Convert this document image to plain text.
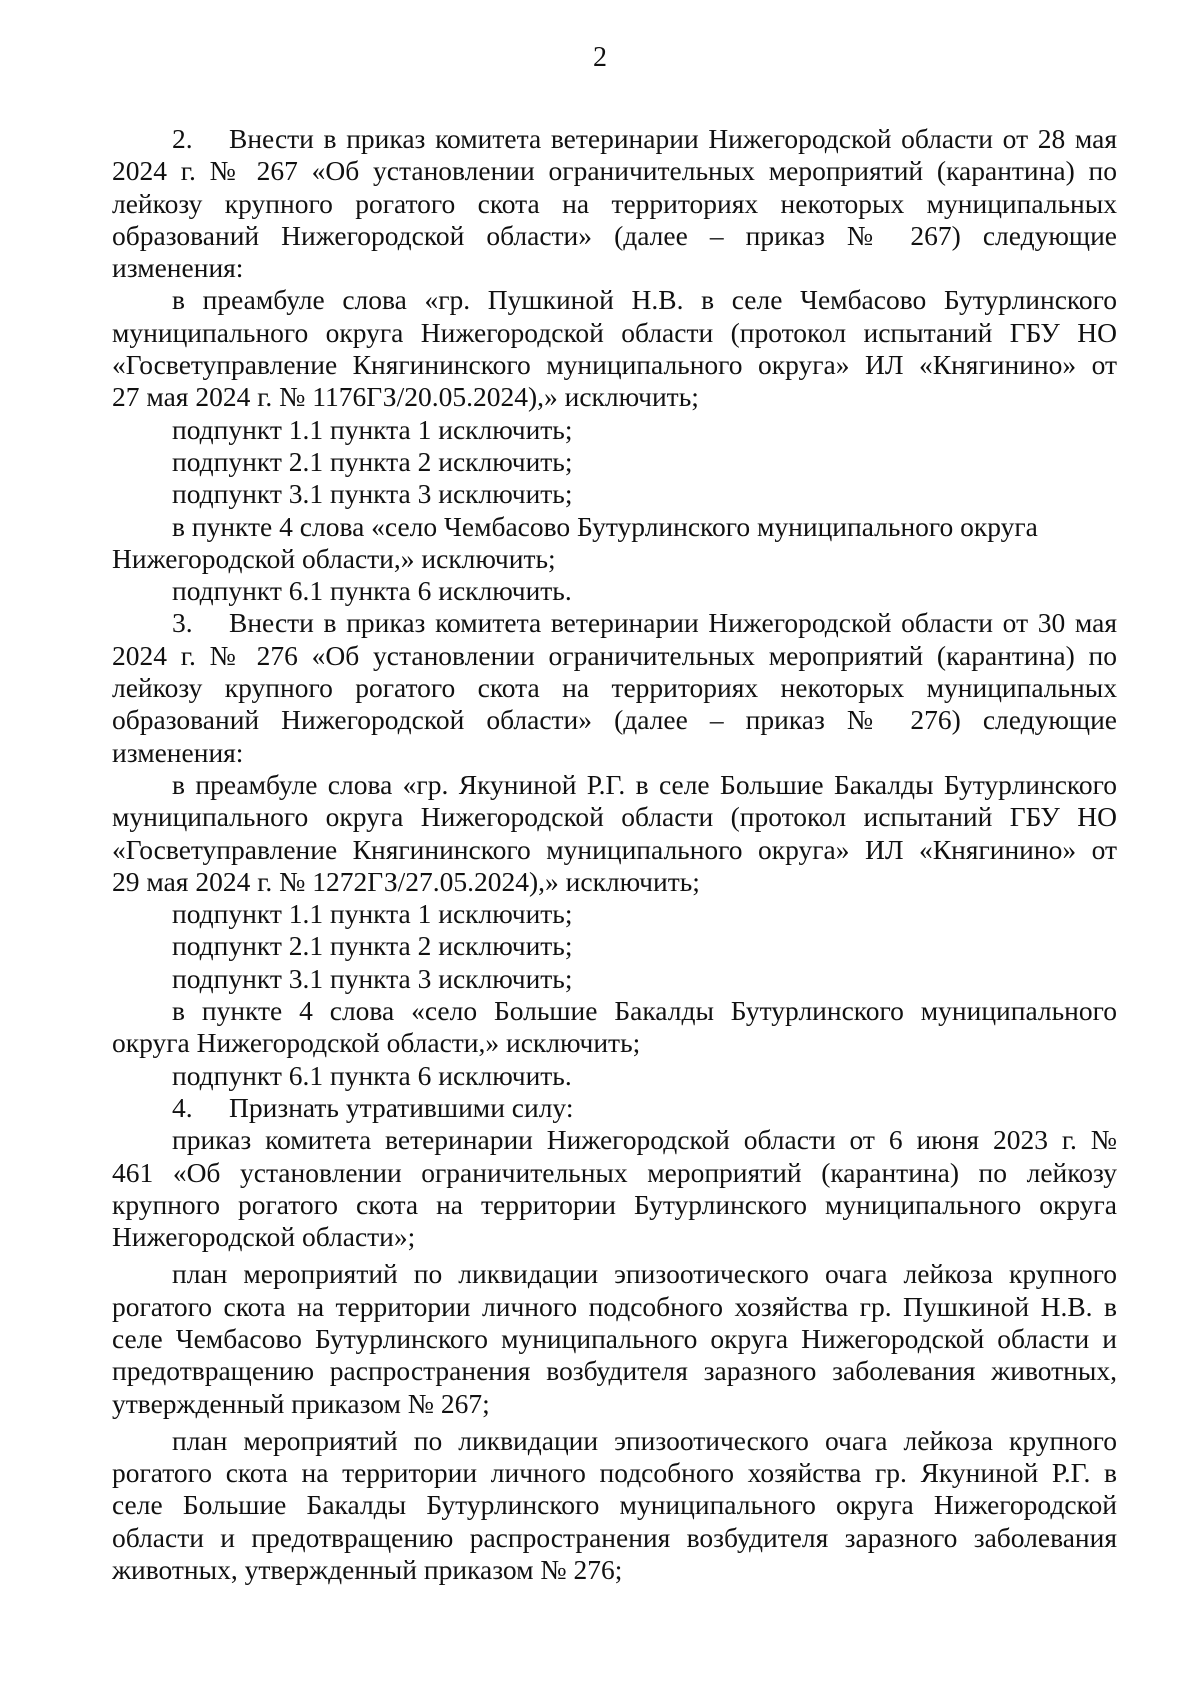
2
2. Внести в приказ комитета ветеринарии Нижегородской области от 28 мая
2024 г. № 267 «Об установлении ограничительных мероприятий (карантина) по
лейкозу крупного рогатого скота на территориях некоторых муниципальных
образований Нижегородской области» (далее – приказ № 267) следующие
изменения:
в преамбуле слова «гр. Пушкиной Н.В. в селе Чембасово Бутурлинского
муниципального округа Нижегородской области (протокол испытаний ГБУ НО
«Госветуправление Княгининского муниципального округа» ИЛ «Княгинино» от
27 мая 2024 г. № 1176ГЗ/20.05.2024),» исключить;
подпункт 1.1 пункта 1 исключить;
подпункт 2.1 пункта 2 исключить;
подпункт 3.1 пункта 3 исключить;
в пункте 4 слова «село Чембасово Бутурлинского муниципального округа
Нижегородской области,» исключить;
подпункт 6.1 пункта 6 исключить.
3. Внести в приказ комитета ветеринарии Нижегородской области от 30 мая
2024 г. № 276 «Об установлении ограничительных мероприятий (карантина) по
лейкозу крупного рогатого скота на территориях некоторых муниципальных
образований Нижегородской области» (далее – приказ № 276) следующие
изменения:
в преамбуле слова «гр. Якуниной Р.Г. в селе Большие Бакалды Бутурлинского
муниципального округа Нижегородской области (протокол испытаний ГБУ НО
«Госветуправление Княгининского муниципального округа» ИЛ «Княгинино» от
29 мая 2024 г. № 1272ГЗ/27.05.2024),» исключить;
подпункт 1.1 пункта 1 исключить;
подпункт 2.1 пункта 2 исключить;
подпункт 3.1 пункта 3 исключить;
в пункте 4 слова «село Большие Бакалды Бутурлинского муниципального
округа Нижегородской области,» исключить;
подпункт 6.1 пункта 6 исключить.
4. Признать утратившими силу:
приказ комитета ветеринарии Нижегородской области от 6 июня 2023 г. №
461 «Об установлении ограничительных мероприятий (карантина) по лейкозу
крупного рогатого скота на территории Бутурлинского муниципального округа
Нижегородской области»;
план мероприятий по ликвидации эпизоотического очага лейкоза крупного
рогатого скота на территории личного подсобного хозяйства гр. Пушкиной Н.В. в
селе Чембасово Бутурлинского муниципального округа Нижегородской области и
предотвращению распространения возбудителя заразного заболевания животных,
утвержденный приказом № 267;
план мероприятий по ликвидации эпизоотического очага лейкоза крупного
рогатого скота на территории личного подсобного хозяйства гр. Якуниной Р.Г. в
селе Большие Бакалды Бутурлинского муниципального округа Нижегородской
области и предотвращению распространения возбудителя заразного заболевания
животных, утвержденный приказом № 276;
